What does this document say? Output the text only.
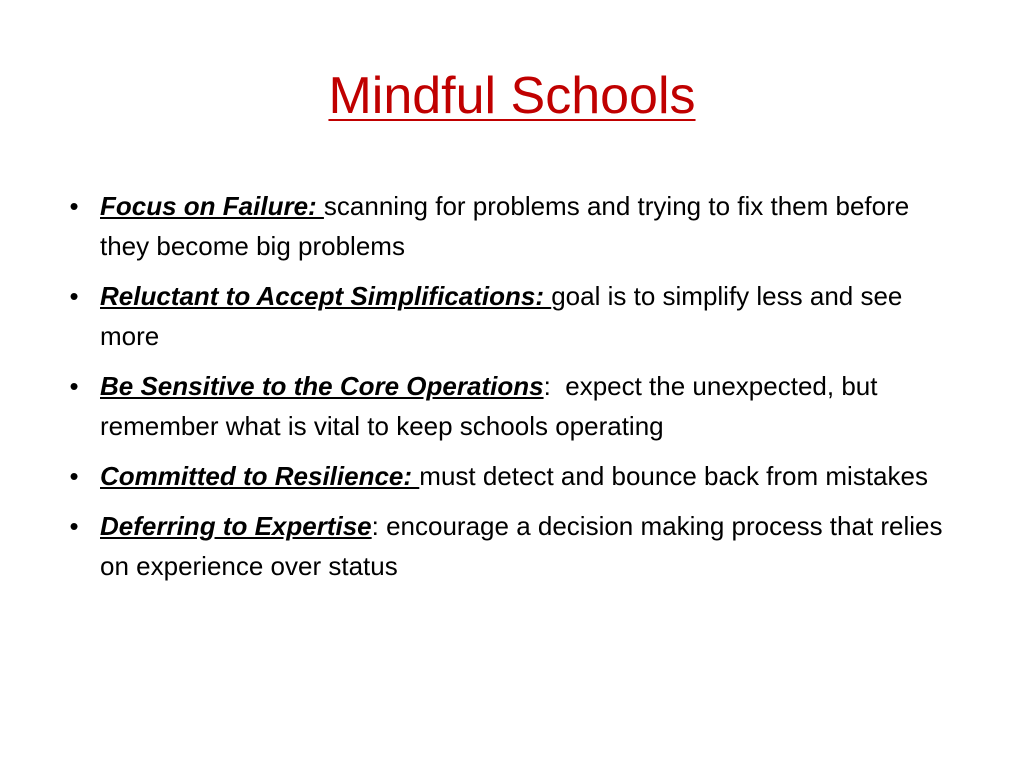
Mindful Schools
• Focus on Failure: scanning for problems and trying to fix them before they become big problems
• Reluctant to Accept Simplifications: goal is to simplify less and see more
• Be Sensitive to the Core Operations:  expect the unexpected, but remember what is vital to keep schools operating
• Committed to Resilience: must detect and bounce back from mistakes
• Deferring to Expertise: encourage a decision making process that relies on experience over status
